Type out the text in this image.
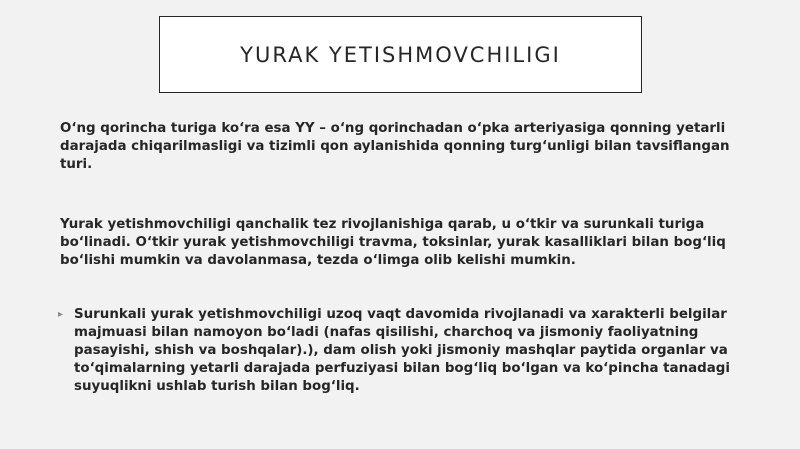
YURAK YETISHMOVCHILIGI
O‘ng qorincha turiga ko‘ra esa YY – o‘ng qorinchadan o‘pka arteriyasiga qonning yetarli darajada chiqarilmasligi va tizimli qon aylanishida qonning turg‘unligi bilan tavsiflangan turi.
Yurak yetishmovchiligi qanchalik tez rivojlanishiga qarab, u o‘tkir va surunkali turiga bo‘linadi. O‘tkir yurak yetishmovchiligi travma, toksinlar, yurak kasalliklari bilan bog‘liq bo‘lishi mumkin va davolanmasa, tezda o‘limga olib kelishi mumkin.
▸ Surunkali yurak yetishmovchiligi uzoq vaqt davomida rivojlanadi va xarakterli belgilar majmuasi bilan namoyon bo‘ladi (nafas qisilishi, charchoq va jismoniy faoliyatning pasayishi, shish va boshqalar).), dam olish yoki jismoniy mashqlar paytida organlar va to‘qimalarning yetarli darajada perfuziyasi bilan bog‘liq bo‘lgan va ko‘pincha tanadagi suyuqlikni ushlab turish bilan bog‘liq.
